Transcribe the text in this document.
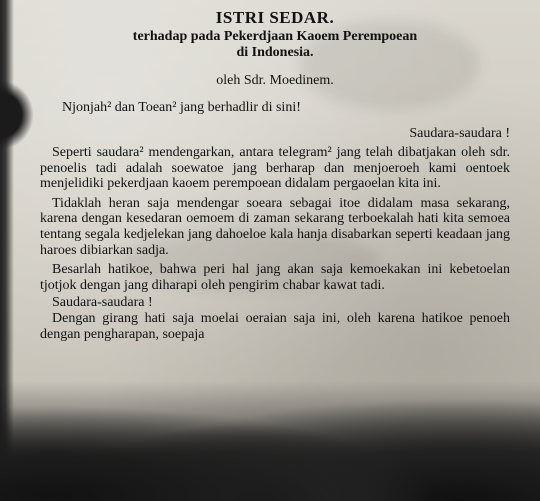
ISTRI SEDAR.

terhadap pada Pekerdjaan Kaoem Perempoean

di Indonesia.

oleh Sdr. Moedinem.

Njonjah² dan Toean² jang berhadlir di sini!

Saudara-saudara !

Seperti saudara² mendengarkan, antara telegram² jang telah dibatjakan oleh sdr. penoelis tadi adalah soewatoe jang berharap dan menjoeroeh kami oentoek menjelidiki pekerdjaan kaoem perempoean didalam pergaoelan kita ini.

Tidaklah heran saja mendengar soeara sebagai itoe didalam masa sekarang, karena dengan kesedaran oemoem di zaman sekarang terboekalah hati kita semoea tentang segala kedjelekan jang dahoeloe kala hanja disabarkan seperti keadaan jang haroes dibiarkan sadja.

Besarlah hatikoe, bahwa peri hal jang akan saja kemoekakan ini kebetoelan tjotjok dengan jang diharapi oleh pengirim chabar kawat tadi.

Saudara-saudara !

Dengan girang hati saja moelai oeraian saja ini, oleh karena hatikoe penoeh dengan pengharapan, soepaja
